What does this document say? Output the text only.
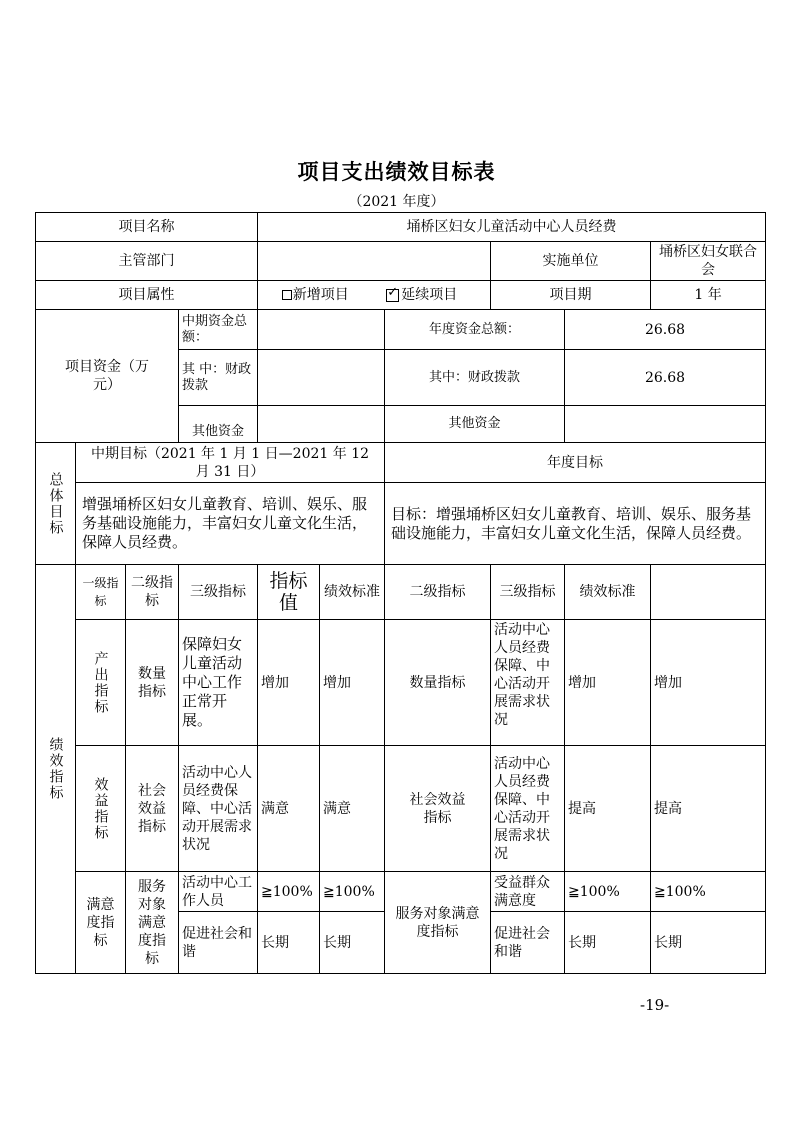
项目支出绩效目标表
（2021 年度）
项目名称				埇桥区妇女儿童活动中心人员经费					
主管部门							实施单位		埇桥区妇女联合会
项目属性				新增项目 ✓ 延续项目			项目期		1 年

项目资金（万元）			中期资金总额：			年度资金总额：		26.68	
			其 中：财政拨款			其中：财政拨款		26.68	
			其他资金			其他资金			

总体目标	中期目标（2021 年 1 月 1 日—2021 年 12 月 31 日）					年度目标			
	增强埇桥区妇女儿童教育、培训、娱乐、服务基础设施能力，丰富妇女儿童文化生活，保障人员经费。					目标：增强埇桥区妇女儿童教育、培训、娱乐、服务基础设施能力，丰富妇女儿童文化生活，保障人员经费。			

绩效指标	一级指标	二级指标	三级指标	指标值	绩效标准	二级指标	三级指标	绩效标准	

	产出指标	数量指标	保障妇女儿童活动中心工作正常开展。	增加	增加	数量指标	活动中心人员经费保障、中心活动开展需求状况	增加	增加

	效益指标	社会效益指标	活动中心人员经费保障、中心活动开展需求状况	满意	满意	社会效益指标	活动中心人员经费保障、中心活动开展需求状况	提高	提高

	满意度指标	服务对象满意度指标	活动中心工作人员	≧100%	≧100%	服务对象满意度指标	受益群众满意度	≧100%	≧100%
			促进社会和谐	长期	长期		促进社会和谐	长期	长期
-19-
